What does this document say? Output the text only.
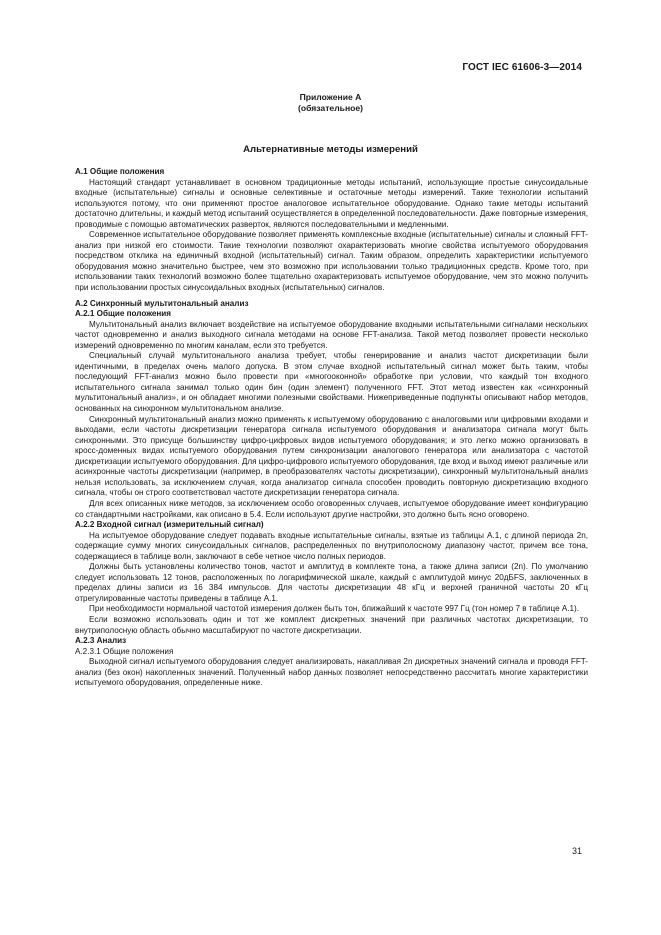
ГОСТ IEC 61606-3—2014
Приложение А
(обязательное)
Альтернативные методы измерений
А.1 Общие положения

Настоящий стандарт устанавливает в основном традиционные методы испытаний, использующие простые синусоидальные входные (испытательные) сигналы и основные селективные и остаточные методы измерений. Такие технологии испытаний используются потому, что они применяют простое аналоговое испытательное оборудование. Однако такие методы испытаний достаточно длительны, и каждый метод испытаний осуществляется в определенной последовательности. Даже повторные измерения, проводимые с помощью автоматических разверток, являются последовательными и медленными.

Современное испытательное оборудование позволяет применять комплексные входные (испытательные) сигналы и сложный FFT-анализ при низкой его стоимости. Такие технологии позволяют охарактеризовать многие свойства испытуемого оборудования посредством отклика на единичный входной (испытательный) сигнал. Таким образом, определить характеристики испытуемого оборудования можно значительно быстрее, чем это возможно при использовании только традиционных средств. Кроме того, при использовании таких технологий возможно более тщательно охарактеризовать испытуемое оборудование, чем это можно получить при использовании простых синусоидальных входных (испытательных) сигналов.

А.2 Синхронный мультитональный анализ
А.2.1 Общие положения

Мультитональный анализ включает воздействие на испытуемое оборудование входными испытательными сигналами нескольких частот одновременно и анализ выходного сигнала методами на основе FFT-анализа. Такой метод позволяет провести несколько измерений одновременно по многим каналам, если это требуется.

Специальный случай мультитонального анализа требует, чтобы генерирование и анализ частот дискретизации были идентичными, в пределах очень малого допуска. В этом случае входной испытательный сигнал может быть таким, чтобы последующий FFT-анализ можно было провести при «многооконной» обработке при условии, что каждый тон входного испытательного сигнала занимал только один бин (один элемент) полученного FFT. Этот метод известен как «синхронный мультитональный анализ», и он обладает многими полезными свойствами. Нижеприведенные подпункты описывают набор методов, основанных на синхронном мультитональном анализе.

Синхронный мультитональный анализ можно применять к испытуемому оборудованию с аналоговыми или цифровыми входами и выходами, если частоты дискретизации генератора сигнала испытуемого оборудования и анализатора сигнала могут быть синхронными. Это присуще большинству цифро-цифровых видов испытуемого оборудования; и это легко можно организовать в кросс-доменных видах испытуемого оборудования путем синхронизации аналогового генератора или анализатора с частотой дискретизации испытуемого оборудования. Для цифро-цифрового испытуемого оборудования, где вход и выход имеют различные или асинхронные частоты дискретизации (например, в преобразователях частоты дискретизации), синхронный мультитональный анализ нельзя использовать, за исключением случая, когда анализатор сигнала способен проводить повторную дискретизацию входного сигнала, чтобы он строго соответствовал частоте дискретизации генератора сигнала.

Для всех описанных ниже методов, за исключением особо оговоренных случаев, испытуемое оборудование имеет конфигурацию со стандартными настройками, как описано в 5.4. Если используют другие настройки, это должно быть ясно оговорено.

А.2.2 Входной сигнал (измерительный сигнал)

На испытуемое оборудование следует подавать входные испытательные сигналы, взятые из таблицы А.1, с длиной периода 2n, содержащие сумму многих синусоидальных сигналов, распределенных по внутриполосному диапазону частот, причем все тона, содержащиеся в таблице волн, заключают в себе четное число полных периодов.

Должны быть установлены количество тонов, частот и амплитуд в комплекте тона, а также длина записи (2n). По умолчанию следует использовать 12 тонов, расположенных по логарифмической шкале, каждый с амплитудой минус 20дБFS, заключенных в пределах длины записи из 16 384 импульсов. Для частоты дискретизации 48 кГц и верхней граничной частоты 20 кГц отрегулированные частоты приведены в таблице А.1.

При необходимости нормальной частотой измерения должен быть тон, ближайший к частоте 997 Гц (тон номер 7 в таблице А.1).

Если возможно использовать один и тот же комплект дискретных значений при различных частотах дискретизации, то внутриполосную область обычно масштабируют по частоте дискретизации.

А.2.3 Анализ
А.2.3.1 Общие положения

Выходной сигнал испытуемого оборудования следует анализировать, накапливая 2n дискретных значений сигнала и проводя FFT-анализ (без окон) накопленных значений. Полученный набор данных позволяет непосредственно рассчитать многие характеристики испытуемого оборудования, определенные ниже.

31
